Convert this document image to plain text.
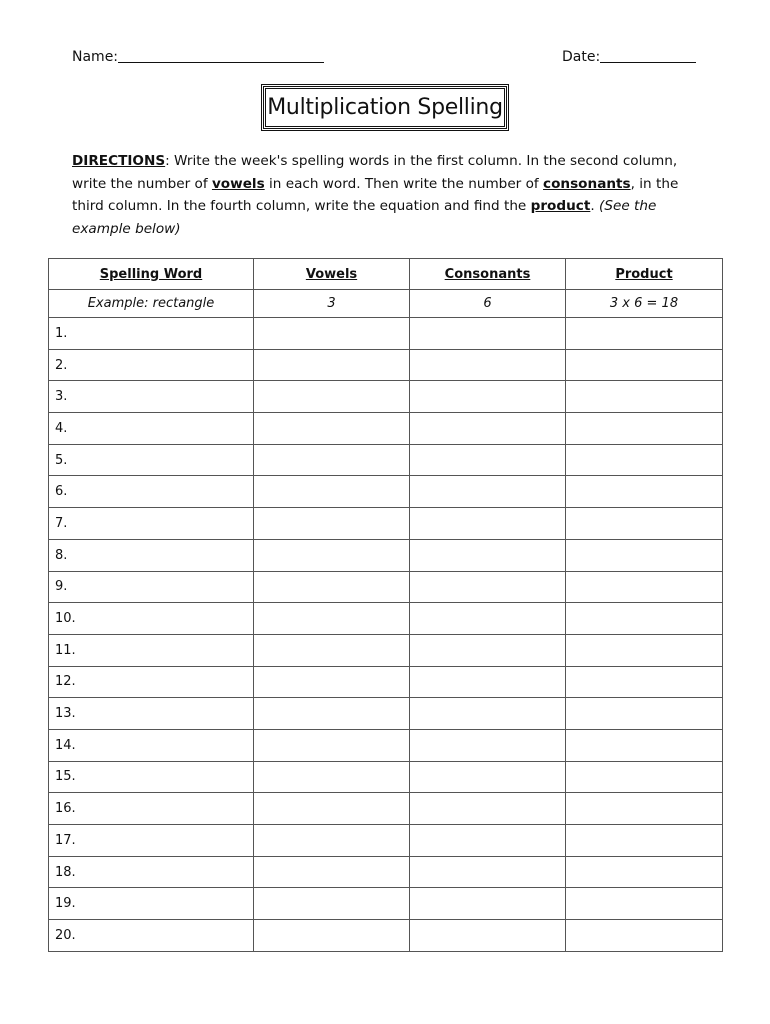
Name:	Date:
Multiplication Spelling
DIRECTIONS: Write the week's spelling words in the first column. In the second column, write the number of vowels in each word. Then write the number of consonants, in the third column. In the fourth column, write the equation and find the product. (See the example below)
Spelling Word	Vowels	Consonants	Product
Example: rectangle	3	6	3 x 6 = 18
1.			
2.			
3.			
4.			
5.			
6.			
7.			
8.			
9.			
10.			
11.			
12.			
13.			
14.			
15.			
16.			
17.			
18.			
19.			
20.			
